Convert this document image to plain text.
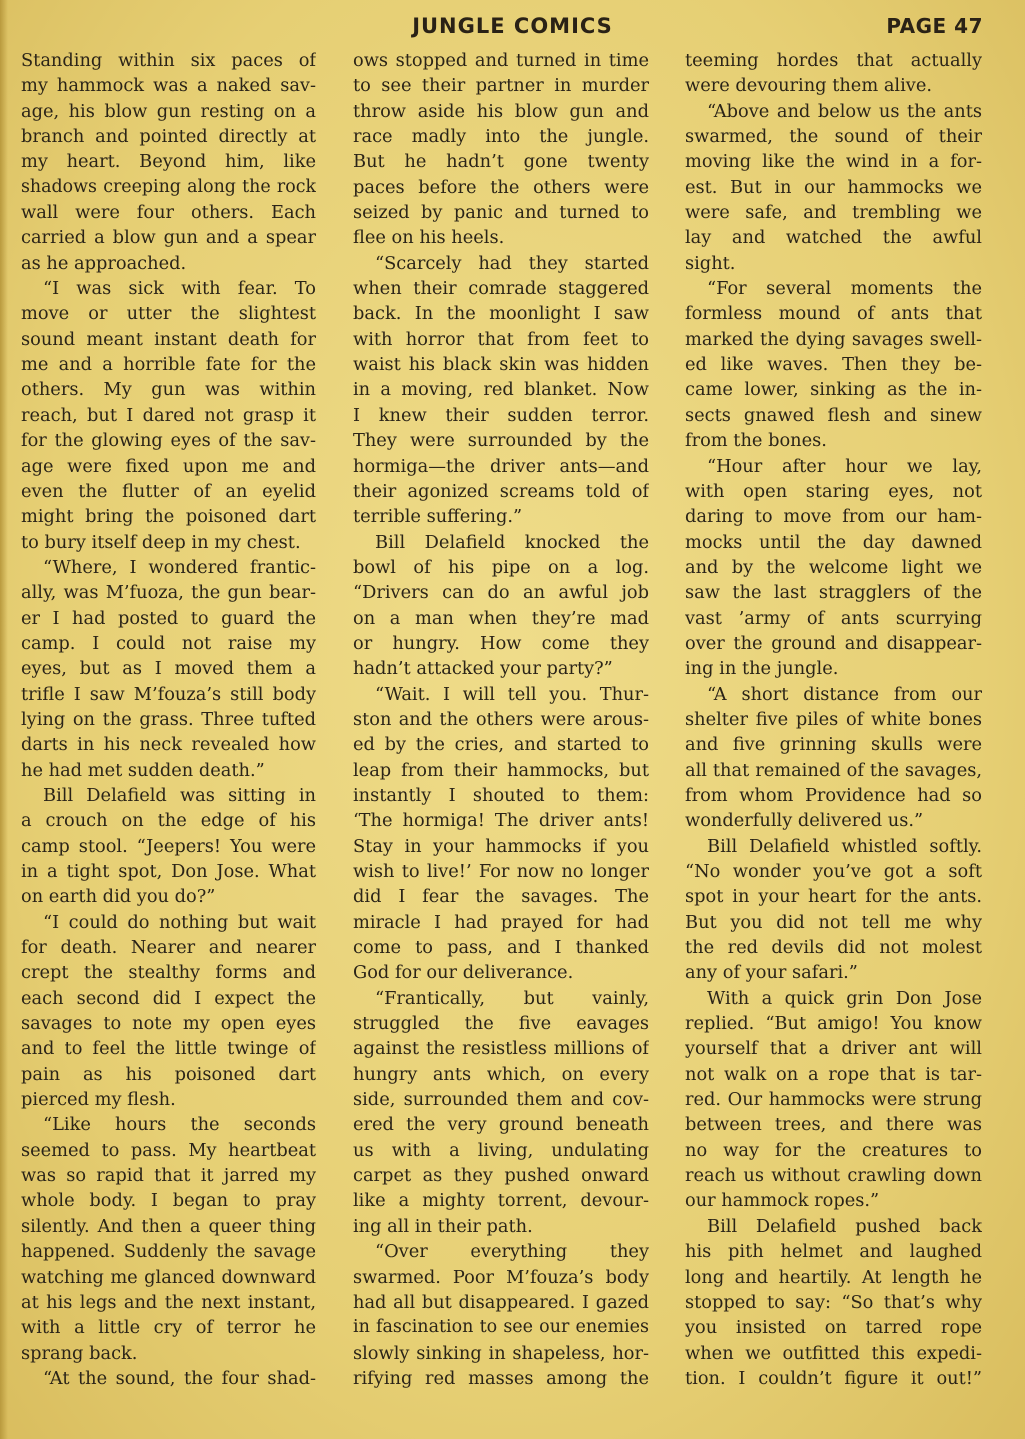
JUNGLE COMICS	PAGE 47
Standing within six paces of
my hammock was a naked sav-
age, his blow gun resting on a
branch and pointed directly at
my heart. Beyond him, like
shadows creeping along the rock
wall were four others. Each
carried a blow gun and a spear
as he approached.
“I was sick with fear. To
move or utter the slightest
sound meant instant death for
me and a horrible fate for the
others. My gun was within
reach, but I dared not grasp it
for the glowing eyes of the sav-
age were fixed upon me and
even the flutter of an eyelid
might bring the poisoned dart
to bury itself deep in my chest.
“Where, I wondered frantic-
ally, was M’fuoza, the gun bear-
er I had posted to guard the
camp. I could not raise my
eyes, but as I moved them a
trifle I saw M’fouza’s still body
lying on the grass. Three tufted
darts in his neck revealed how
he had met sudden death.”
Bill Delafield was sitting in
a crouch on the edge of his
camp stool. “Jeepers! You were
in a tight spot, Don Jose. What
on earth did you do?”
“I could do nothing but wait
for death. Nearer and nearer
crept the stealthy forms and
each second did I expect the
savages to note my open eyes
and to feel the little twinge of
pain as his poisoned dart
pierced my flesh.
“Like hours the seconds
seemed to pass. My heartbeat
was so rapid that it jarred my
whole body. I began to pray
silently. And then a queer thing
happened. Suddenly the savage
watching me glanced downward
at his legs and the next instant,
with a little cry of terror he
sprang back.
“At the sound, the four shad-
ows stopped and turned in time
to see their partner in murder
throw aside his blow gun and
race madly into the jungle.
But he hadn’t gone twenty
paces before the others were
seized by panic and turned to
flee on his heels.
“Scarcely had they started
when their comrade staggered
back. In the moonlight I saw
with horror that from feet to
waist his black skin was hidden
in a moving, red blanket. Now
I knew their sudden terror.
They were surrounded by the
hormiga—the driver ants—and
their agonized screams told of
terrible suffering.”
Bill Delafield knocked the
bowl of his pipe on a log.
“Drivers can do an awful job
on a man when they’re mad
or hungry. How come they
hadn’t attacked your party?”
“Wait. I will tell you. Thur-
ston and the others were arous-
ed by the cries, and started to
leap from their hammocks, but
instantly I shouted to them:
‘The hormiga! The driver ants!
Stay in your hammocks if you
wish to live!’ For now no longer
did I fear the savages. The
miracle I had prayed for had
come to pass, and I thanked
God for our deliverance.
“Frantically, but vainly,
struggled the five eavages
against the resistless millions of
hungry ants which, on every
side, surrounded them and cov-
ered the very ground beneath
us with a living, undulating
carpet as they pushed onward
like a mighty torrent, devour-
ing all in their path.
“Over everything they
swarmed. Poor M’fouza’s body
had all but disappeared. I gazed
in fascination to see our enemies
slowly sinking in shapeless, hor-
rifying red masses among the
teeming hordes that actually
were devouring them alive.
“Above and below us the ants
swarmed, the sound of their
moving like the wind in a for-
est. But in our hammocks we
were safe, and trembling we
lay and watched the awful
sight.
“For several moments the
formless mound of ants that
marked the dying savages swell-
ed like waves. Then they be-
came lower, sinking as the in-
sects gnawed flesh and sinew
from the bones.
“Hour after hour we lay,
with open staring eyes, not
daring to move from our ham-
mocks until the day dawned
and by the welcome light we
saw the last stragglers of the
vast ’army of ants scurrying
over the ground and disappear-
ing in the jungle.
“A short distance from our
shelter five piles of white bones
and five grinning skulls were
all that remained of the savages,
from whom Providence had so
wonderfully delivered us.”
Bill Delafield whistled softly.
“No wonder you’ve got a soft
spot in your heart for the ants.
But you did not tell me why
the red devils did not molest
any of your safari.”
With a quick grin Don Jose
replied. “But amigo! You know
yourself that a driver ant will
not walk on a rope that is tar-
red. Our hammocks were strung
between trees, and there was
no way for the creatures to
reach us without crawling down
our hammock ropes.”
Bill Delafield pushed back
his pith helmet and laughed
long and heartily. At length he
stopped to say: “So that’s why
you insisted on tarred rope
when we outfitted this expedi-
tion. I couldn’t figure it out!”
